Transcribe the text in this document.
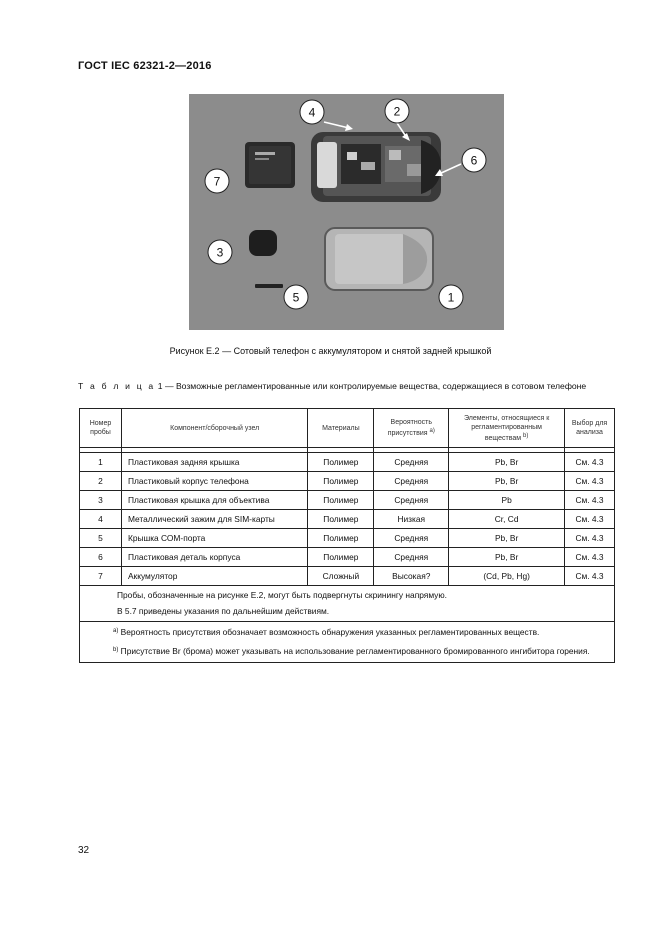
ГОСТ IEC 62321-2—2016
1
2
3
4
5
6
7
Рисунок Е.2 — Сотовый телефон с аккумулятором и снятой задней крышкой
Т а б л и ц а 1 — Возможные регламентированные или контролируемые вещества, содержащиеся в сотовом телефоне
Номер пробы	Компонент/сборочный узел	Материалы	Вероятность присутствия $^{a)}$	Элементы, относящиеся к регламентированным веществам $^{b)}$	Выбор для анализа

1	Пластиковая задняя крышка	Полимер	Средняя	Pb, Br	См. 4.3
2	Пластиковый корпус телефона	Полимер	Средняя	Pb, Br	См. 4.3
3	Пластиковая крышка для объектива	Полимер	Средняя	Pb	См. 4.3
4	Металлический зажим для SIM-карты	Полимер	Низкая	Cr, Cd	См. 4.3
5	Крышка СОМ-порта	Полимер	Средняя	Pb, Br	См. 4.3
6	Пластиковая деталь корпуса	Полимер	Средняя	Pb, Br	См. 4.3
7	Аккумулятор	Сложный	Высокая?	(Cd, Pb, Hg)	См. 4.3

Пробы, обозначенные на рисунке Е.2, могут быть подвергнуты скринингу напрямую.

В 5.7 приведены указания по дальнейшим действиям.					

$^{a)}$ Вероятность присутствия обозначает возможность обнаружения указанных регламентированных веществ.

$^{b)}$ Присутствие Br (брома) может указывать на использование регламентированного бромированного ингибитора горения.					

32
